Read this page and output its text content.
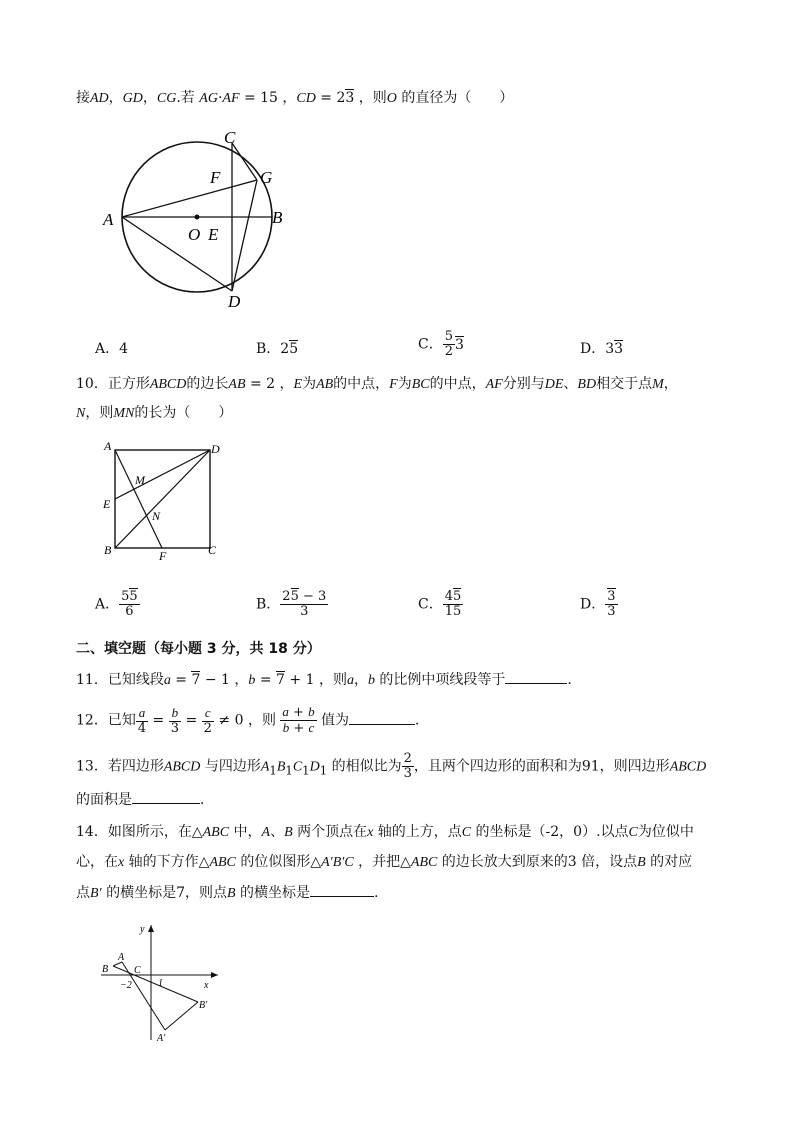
接AD，GD，CG.若 AG·AF = 15 ，CD = 23 ，则O 的直径为（　　）
C
F G
A
O E
B
D
A．4	B．25	C． $\frac{5}{2} 3$	D．33
10．正方形ABCD的边长AB = 2 ，E为AB的中点，F为BC的中点，AF分别与DE、BD相交于点M，
N，则MN的长为（　　）
A	D
M
E
N
B	F	C
A． $\frac{55}{6}$	B． $\frac{25 - 3}{3}$	C． $\frac{45}{15}$	D． $\frac{3}{3}$
二、填空题（每小题 3 分，共 18 分）
11．已知线段a = 7 − 1 ，b = 7 + 1 ，则a，b 的比例中项线段等于	.
12．已知 $\frac{a}{4} = \frac{b}{3} = \frac{c}{2} \ne 0$ ，则 $\frac{a + b}{b + c}$ 值为	．
13．若四边形ABCD 与四边形$A_1B_1C_1D_1$ 的相似比为 $\frac{2}{3}$ ，且两个四边形的面积和为91，则四边形ABCD
的面积是	．
14．如图所示，在△ABC 中，A、B 两个顶点在x 轴的上方，点C 的坐标是（-2，0）.以点C为位似中
心，在x 轴的下方作△ABC 的位似图形△A′B′C ，并把△ABC 的边长放大到原来的3 倍，设点B 的对应
点B′ 的横坐标是7，则点B 的横坐标是	.
y
A
B	C
−2	1	x
B′
A′
